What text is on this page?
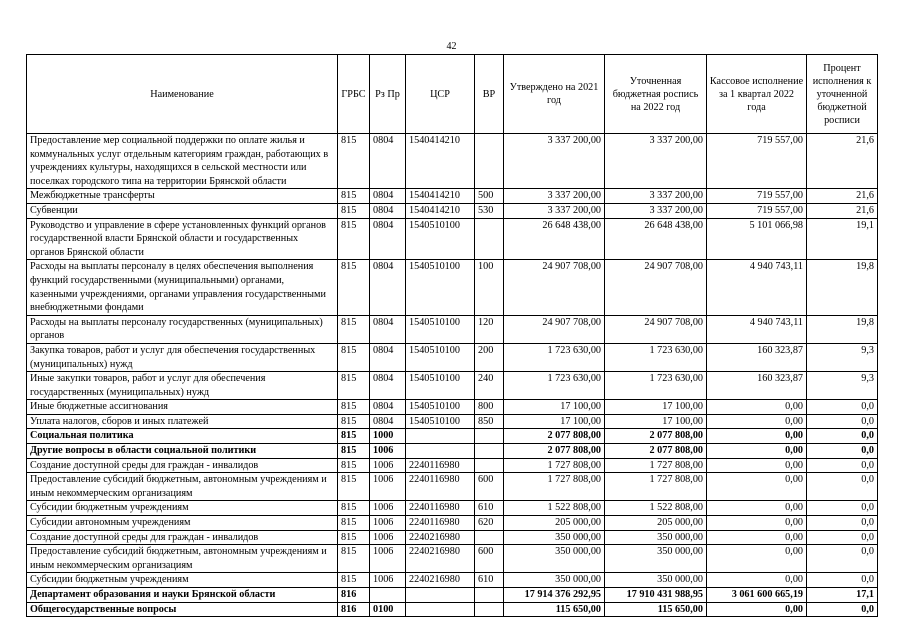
42
Наименование	ГРБС	Рз Пр	ЦСР	ВР	Утверждено на 2021 год	Уточненная бюджетная роспись на 2022 год	Кассовое исполнение за 1 квартал 2022 года	Процент исполнения к уточненной бюджетной росписи
Предоставление мер социальной поддержки по оплате жилья и коммунальных услуг отдельным категориям граждан, работающих в учреждениях культуры, находящихся в сельской местности или поселках городского типа на территории Брянской области	815	0804	1540414210		3 337 200,00	3 337 200,00	719 557,00	21,6
Межбюджетные трансферты	815	0804	1540414210	500	3 337 200,00	3 337 200,00	719 557,00	21,6
Субвенции	815	0804	1540414210	530	3 337 200,00	3 337 200,00	719 557,00	21,6
Руководство и управление в сфере установленных функций органов государственной власти Брянской области и государственных органов Брянской области	815	0804	1540510100		26 648 438,00	26 648 438,00	5 101 066,98	19,1
Расходы на выплаты персоналу в целях обеспечения выполнения функций государственными (муниципальными) органами, казенными учреждениями, органами управления государственными внебюджетными фондами	815	0804	1540510100	100	24 907 708,00	24 907 708,00	4 940 743,11	19,8
Расходы на выплаты персоналу государственных (муниципальных) органов	815	0804	1540510100	120	24 907 708,00	24 907 708,00	4 940 743,11	19,8
Закупка товаров, работ и услуг для обеспечения государственных (муниципальных) нужд	815	0804	1540510100	200	1 723 630,00	1 723 630,00	160 323,87	9,3
Иные закупки товаров, работ и услуг для обеспечения государственных (муниципальных) нужд	815	0804	1540510100	240	1 723 630,00	1 723 630,00	160 323,87	9,3
Иные бюджетные ассигнования	815	0804	1540510100	800	17 100,00	17 100,00	0,00	0,0
Уплата налогов, сборов и иных платежей	815	0804	1540510100	850	17 100,00	17 100,00	0,00	0,0
Социальная политика	815	1000			2 077 808,00	2 077 808,00	0,00	0,0
Другие вопросы в области социальной политики	815	1006			2 077 808,00	2 077 808,00	0,00	0,0
Создание доступной среды для граждан - инвалидов	815	1006	2240116980		1 727 808,00	1 727 808,00	0,00	0,0
Предоставление субсидий бюджетным, автономным учреждениям и иным некоммерческим организациям	815	1006	2240116980	600	1 727 808,00	1 727 808,00	0,00	0,0
Субсидии бюджетным учреждениям	815	1006	2240116980	610	1 522 808,00	1 522 808,00	0,00	0,0
Субсидии автономным учреждениям	815	1006	2240116980	620	205 000,00	205 000,00	0,00	0,0
Создание доступной среды для граждан - инвалидов	815	1006	2240216980		350 000,00	350 000,00	0,00	0,0
Предоставление субсидий бюджетным, автономным учреждениям и иным некоммерческим организациям	815	1006	2240216980	600	350 000,00	350 000,00	0,00	0,0
Субсидии бюджетным учреждениям	815	1006	2240216980	610	350 000,00	350 000,00	0,00	0,0
Департамент образования и науки Брянской области	816				17 914 376 292,95	17 910 431 988,95	3 061 600 665,19	17,1
Общегосударственные вопросы	816	0100			115 650,00	115 650,00	0,00	0,0
